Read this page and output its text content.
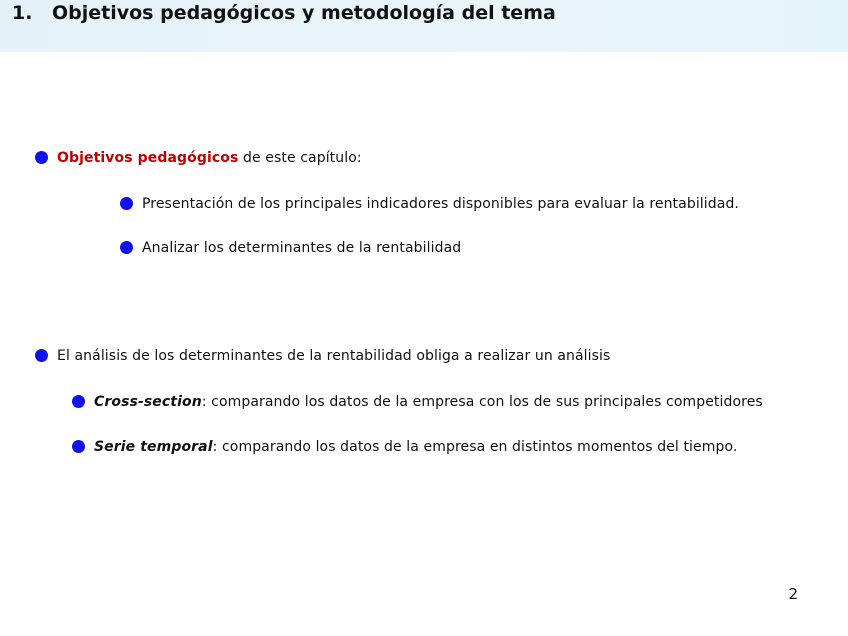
1. Objetivos pedagógicos y metodología del tema
Objetivos pedagógicos de este capítulo:
Presentación de los principales indicadores disponibles para evaluar la rentabilidad.
Analizar los determinantes de la rentabilidad
El análisis de los determinantes de la rentabilidad obliga a realizar un análisis
Cross-section: comparando los datos de la empresa con los de sus principales competidores
Serie temporal: comparando los datos de la empresa en distintos momentos del tiempo.
2
